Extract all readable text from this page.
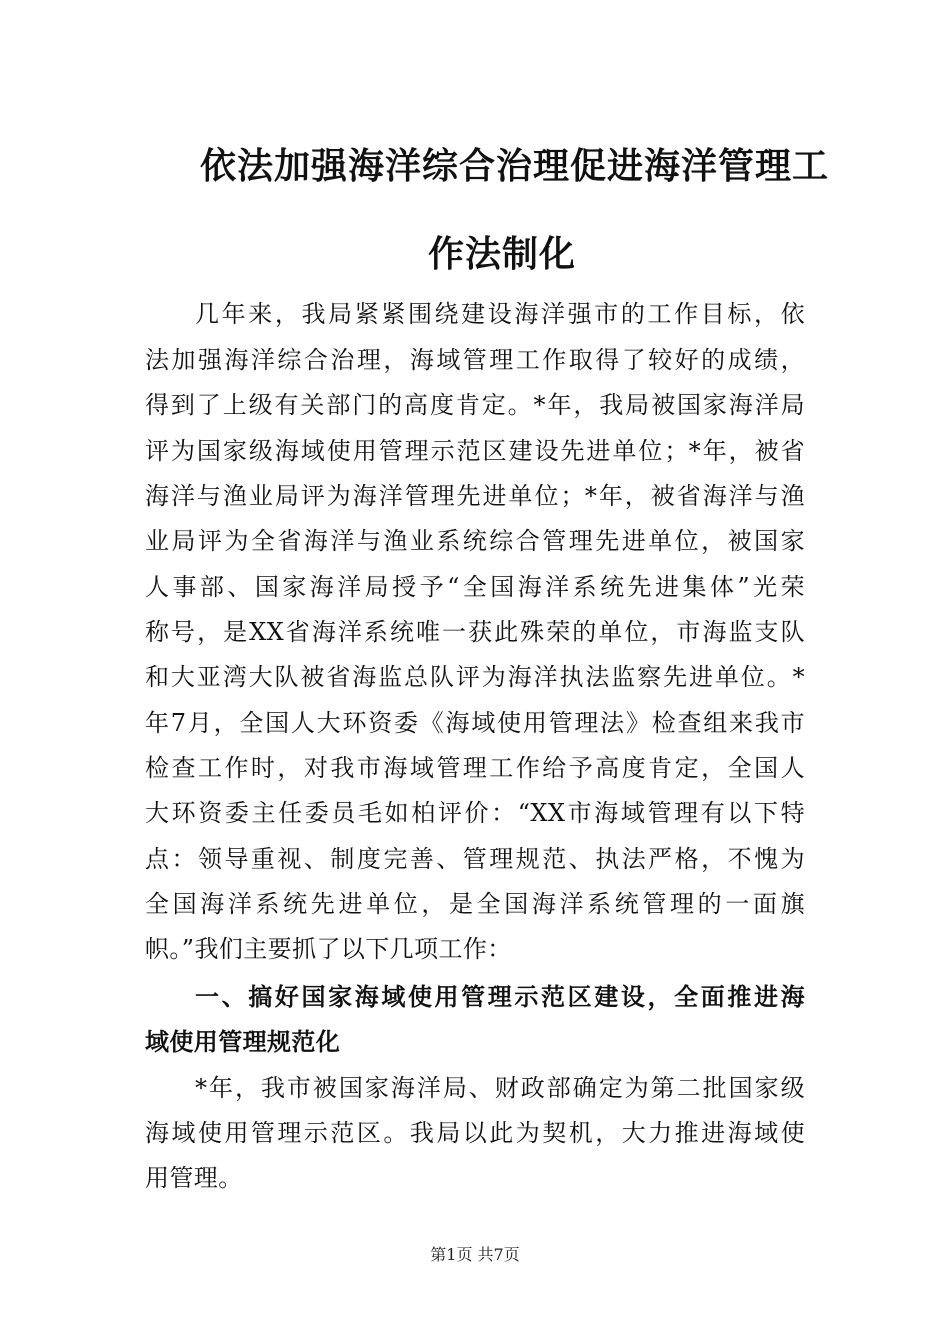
依法加强海洋综合治理促进海洋管理工
作法制化

几年来，我局紧紧围绕建设海洋强市的工作目标，依

法加强海洋综合治理，海域管理工作取得了较好的成绩，

得到了上级有关部门的高度肯定。*年，我局被国家海洋局

评为国家级海域使用管理示范区建设先进单位；*年，被省

海洋与渔业局评为海洋管理先进单位；*年，被省海洋与渔

业局评为全省海洋与渔业系统综合管理先进单位，被国家

人事部、国家海洋局授予“全国海洋系统先进集体”光荣

称号，是XX省海洋系统唯一获此殊荣的单位，市海监支队

和大亚湾大队被省海监总队评为海洋执法监察先进单位。*

年7月，全国人大环资委《海域使用管理法》检查组来我市

检查工作时，对我市海域管理工作给予高度肯定，全国人

大环资委主任委员毛如柏评价：“XX市海域管理有以下特

点：领导重视、制度完善、管理规范、执法严格，不愧为

全国海洋系统先进单位，是全国海洋系统管理的一面旗

帜。”我们主要抓了以下几项工作：

一、搞好国家海域使用管理示范区建设，全面推进海

域使用管理规范化

*年，我市被国家海洋局、财政部确定为第二批国家级

海域使用管理示范区。我局以此为契机，大力推进海域使

用管理。

第1页 共7页
